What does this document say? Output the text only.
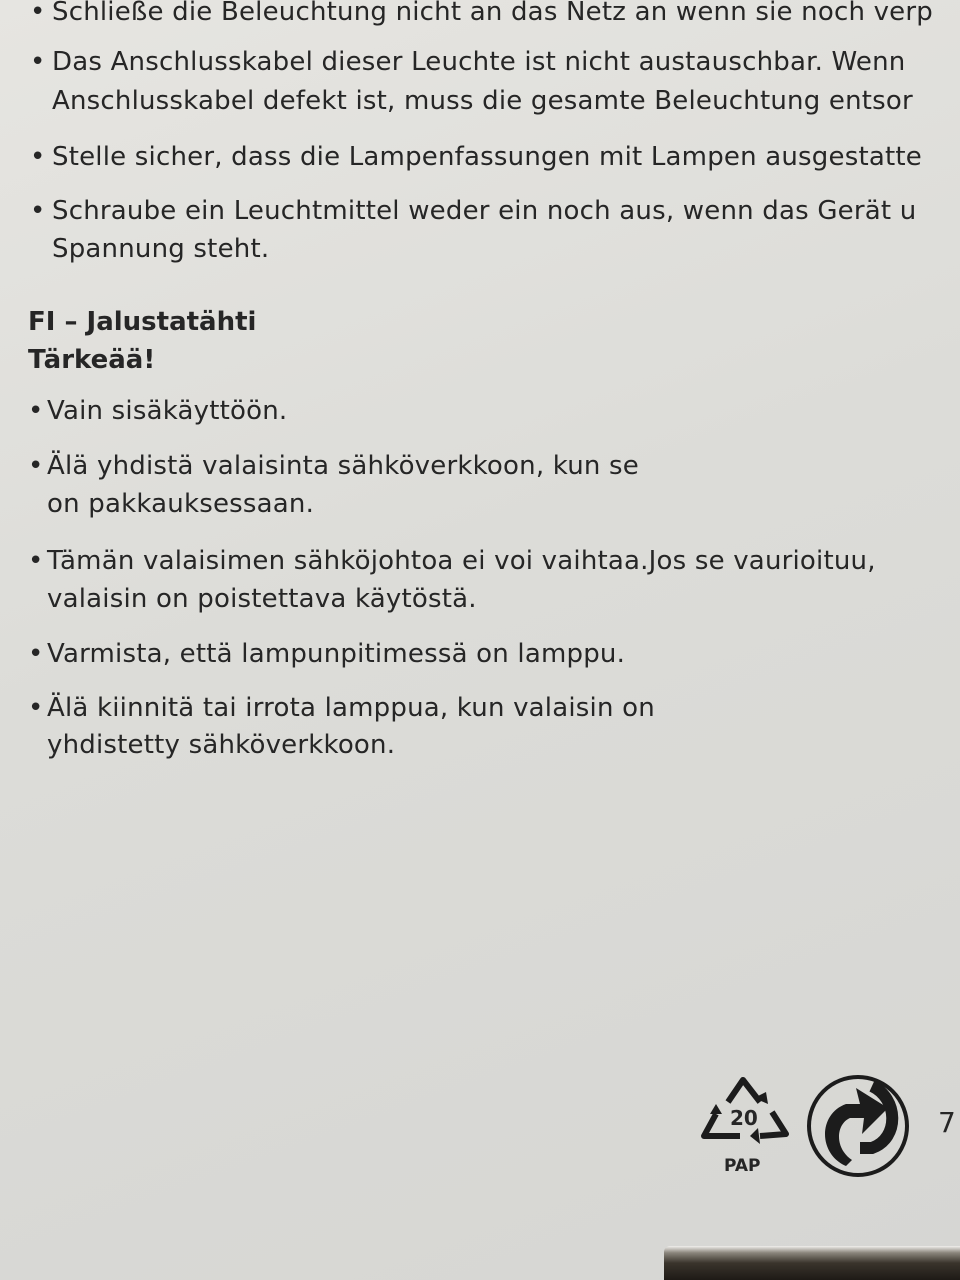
• Schließe die Beleuchtung nicht an das Netz an wenn sie noch verp
• Das Anschlusskabel dieser Leuchte ist nicht austauschbar. Wenn
Anschlusskabel defekt ist, muss die gesamte Beleuchtung entsor
• Stelle sicher, dass die Lampenfassungen mit Lampen ausgestatte
• Schraube ein Leuchtmittel weder ein noch aus, wenn das Gerät u
Spannung steht.
FI – Jalustatähti
Tärkeää!
• Vain sisäkäyttöön.
• Älä yhdistä valaisinta sähköverkkoon, kun se
on pakkauksessaan.
• Tämän valaisimen sähköjohtoa ei voi vaihtaa.Jos se vaurioituu,
valaisin on poistettava käytöstä.
• Varmista, että lampunpitimessä on lamppu.
• Älä kiinnitä tai irrota lamppua, kun valaisin on
yhdistetty sähköverkkoon.
20
PAP
7
